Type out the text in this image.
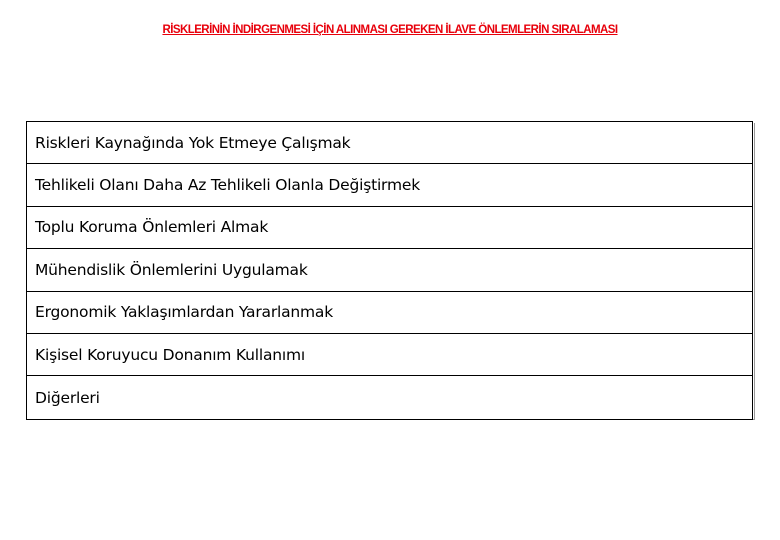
RİSKLERİNİN İNDİRGENMESİ İÇİN ALINMASI GEREKEN İLAVE ÖNLEMLERİN SIRALAMASI
Riskleri Kaynağında Yok Etmeye Çalışmak
Tehlikeli Olanı Daha Az Tehlikeli Olanla Değiştirmek
Toplu Koruma Önlemleri Almak
Mühendislik Önlemlerini Uygulamak
Ergonomik Yaklaşımlardan Yararlanmak
Kişisel Koruyucu Donanım Kullanımı
Diğerleri
